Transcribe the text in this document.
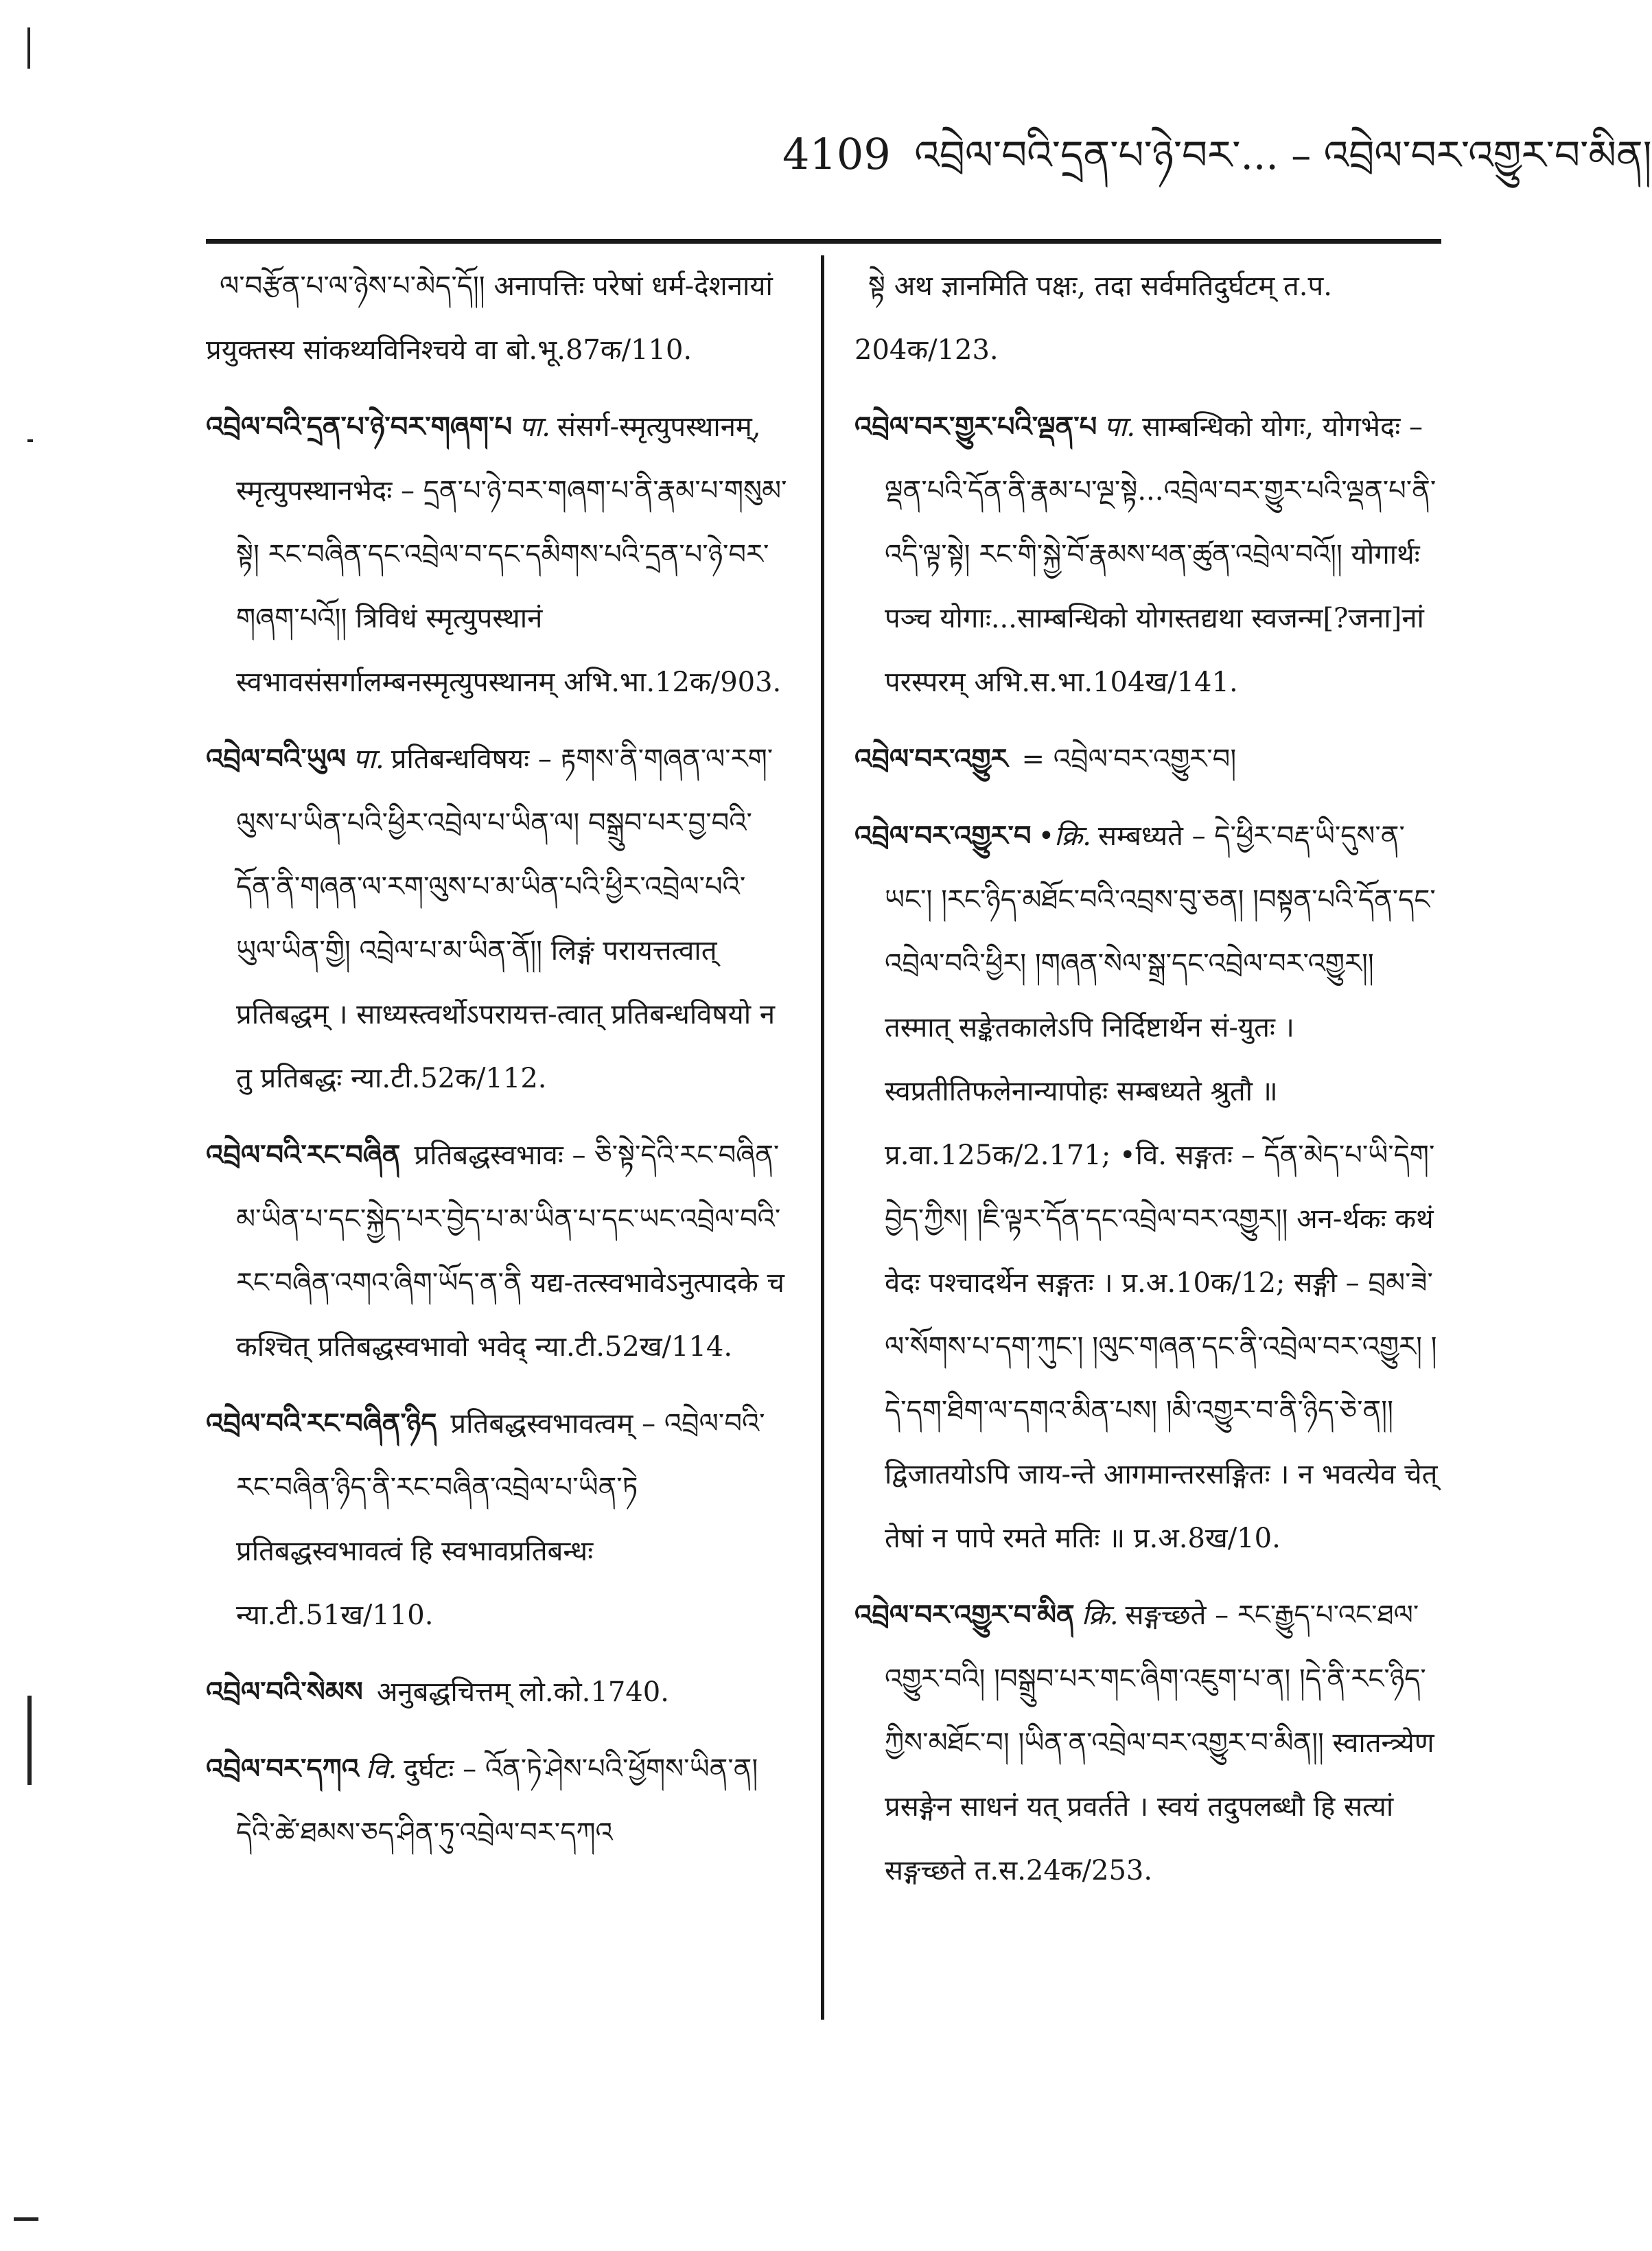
4109 འབྲེལ་བའི་དྲན་པ་ཉེ་བར་... – འབྲེལ་བར་འགྱུར་བ་མིན།
ལ་བརྩོན་པ་ལ་ཉེས་པ་མེད་དོ།། अनापत्तिः परेषां धर्म-देशनायां प्रयुक्तस्य सांकथ्यविनिश्चये वा बो.भू.87क/110.
འབྲེལ་བའི་དྲན་པ་ཉེ་བར་གཞག་པ पा. संसर्ग-स्मृत्युपस्थानम्, स्मृत्युपस्थानभेदः – དྲན་པ་ཉེ་བར་གཞག་པ་ནི་རྣམ་པ་གསུམ་སྟེ། རང་བཞིན་དང་འབྲེལ་བ་དང་དམིགས་པའི་དྲན་པ་ཉེ་བར་གཞག་པའོ།། त्रिविधं स्मृत्युपस्थानं स्वभावसंसर्गालम्बनस्मृत्युपस्थानम् अभि.भा.12क/903.
འབྲེལ་བའི་ཡུལ पा. प्रतिबन्धविषयः – རྟགས་ནི་གཞན་ལ་རག་ལུས་པ་ཡིན་པའི་ཕྱིར་འབྲེལ་པ་ཡིན་ལ། བསྒྲུབ་པར་བྱ་བའི་དོན་ནི་གཞན་ལ་རག་ལུས་པ་མ་ཡིན་པའི་ཕྱིར་འབྲེལ་པའི་ཡུལ་ཡིན་གྱི། འབྲེལ་པ་མ་ཡིན་ནོ།། लिङ्गं परायत्तत्वात् प्रतिबद्धम् । साध्यस्त्वर्थोऽपरायत्त-त्वात् प्रतिबन्धविषयो न तु प्रतिबद्धः न्या.टी.52क/112.
འབྲེལ་བའི་རང་བཞིན प्रतिबद्धस्वभावः – ཅི་སྟེ་དེའི་རང་བཞིན་མ་ཡིན་པ་དང་སྐྱེད་པར་བྱེད་པ་མ་ཡིན་པ་དང་ཡང་འབྲེལ་བའི་རང་བཞིན་འགའ་ཞིག་ཡོད་ན་ནི यद्य-तत्स्वभावेऽनुत्पादके च कश्चित् प्रतिबद्धस्वभावो भवेद् न्या.टी.52ख/114.
འབྲེལ་བའི་རང་བཞིན་ཉིད प्रतिबद्धस्वभावत्वम् – འབྲེལ་བའི་རང་བཞིན་ཉིད་ནི་རང་བཞིན་འབྲེལ་པ་ཡིན་ཏེ प्रतिबद्धस्वभावत्वं हि स्वभावप्रतिबन्धः न्या.टी.51ख/110.
འབྲེལ་བའི་སེམས अनुबद्धचित्तम् लो.को.1740.
འབྲེལ་བར་དཀའ वि. दुर्घटः – འོན་ཏེ་ཤེས་པའི་ཕྱོགས་ཡིན་ན། དེའི་ཚེ་ཐམས་ཅད་ཤིན་ཏུ་འབྲེལ་བར་དཀའ
སྟེ अथ ज्ञानमिति पक्षः, तदा सर्वमतिदुर्घटम् त.प. 204क/123.
འབྲེལ་བར་གྱུར་པའི་ལྡན་པ पा. साम्बन्धिको योगः, योगभेदः – ལྡན་པའི་དོན་ནི་རྣམ་པ་ལྔ་སྟེ...འབྲེལ་བར་གྱུར་པའི་ལྡན་པ་ནི་འདི་ལྟ་སྟེ། རང་གི་སྐྱེ་བོ་རྣམས་ཕན་ཚུན་འབྲེལ་བའོ།། योगार्थः पञ्च योगाः...साम्बन्धिको योगस्तद्यथा स्वजन्म[?जना]नां परस्परम् अभि.स.भा.104ख/141.
འབྲེལ་བར་འགྱུར = འབྲེལ་བར་འགྱུར་བ།
འབྲེལ་བར་འགྱུར་བ •क्रि. सम्बध्यते – དེ་ཕྱིར་བརྡ་ཡི་དུས་ན་ཡང་། །རང་ཉིད་མཐོང་བའི་འབྲས་བུ་ཅན། །བསྟན་པའི་དོན་དང་འབྲེལ་བའི་ཕྱིར། །གཞན་སེལ་སྒྲ་དང་འབྲེལ་བར་འགྱུར།། तस्मात् सङ्केतकालेऽपि निर्दिष्टार्थेन सं-युतः । स्वप्रतीतिफलेनान्यापोहः सम्बध्यते श्रुतौ ॥ प्र.वा.125क/2.171; •वि. सङ्गतः – དོན་མེད་པ་ཡི་དེག་བྱེད་ཀྱིས། །ཇི་ལྟར་དོན་དང་འབྲེལ་བར་འགྱུར།། अन-र्थकः कथं वेदः पश्चादर्थेन सङ्गतः । प्र.अ.10क/12; सङ्गी – བྲམ་ཟེ་ལ་སོགས་པ་དག་ཀུང་། །ལུང་གཞན་དང་ནི་འབྲེལ་བར་འགྱུར། །དེ་དག་ཐིག་ལ་དགའ་མིན་པས། །མི་འགྱུར་བ་ནི་ཉིད་ཅེ་ན།། द्विजातयोऽपि जाय-न्ते आगमान्तरसङ्गितः । न भवत्येव चेत् तेषां न पापे रमते मतिः ॥ प्र.अ.8ख/10.
འབྲེལ་བར་འགྱུར་བ་མིན क्रि. सङ्गच्छते – རང་རྒྱུད་པ་འང་ཐལ་འགྱུར་བའི། །བསྒྲུབ་པར་གང་ཞིག་འཇུག་པ་ན། །དེ་ནི་རང་ཉིད་ཀྱིས་མཐོང་བ། །ཡིན་ན་འབྲེལ་བར་འགྱུར་བ་མིན།། स्वातन्त्र्येण प्रसङ्गेन साधनं यत् प्रवर्तते । स्वयं तदुपलब्धौ हि सत्यां सङ्गच्छते त.स.24क/253.
